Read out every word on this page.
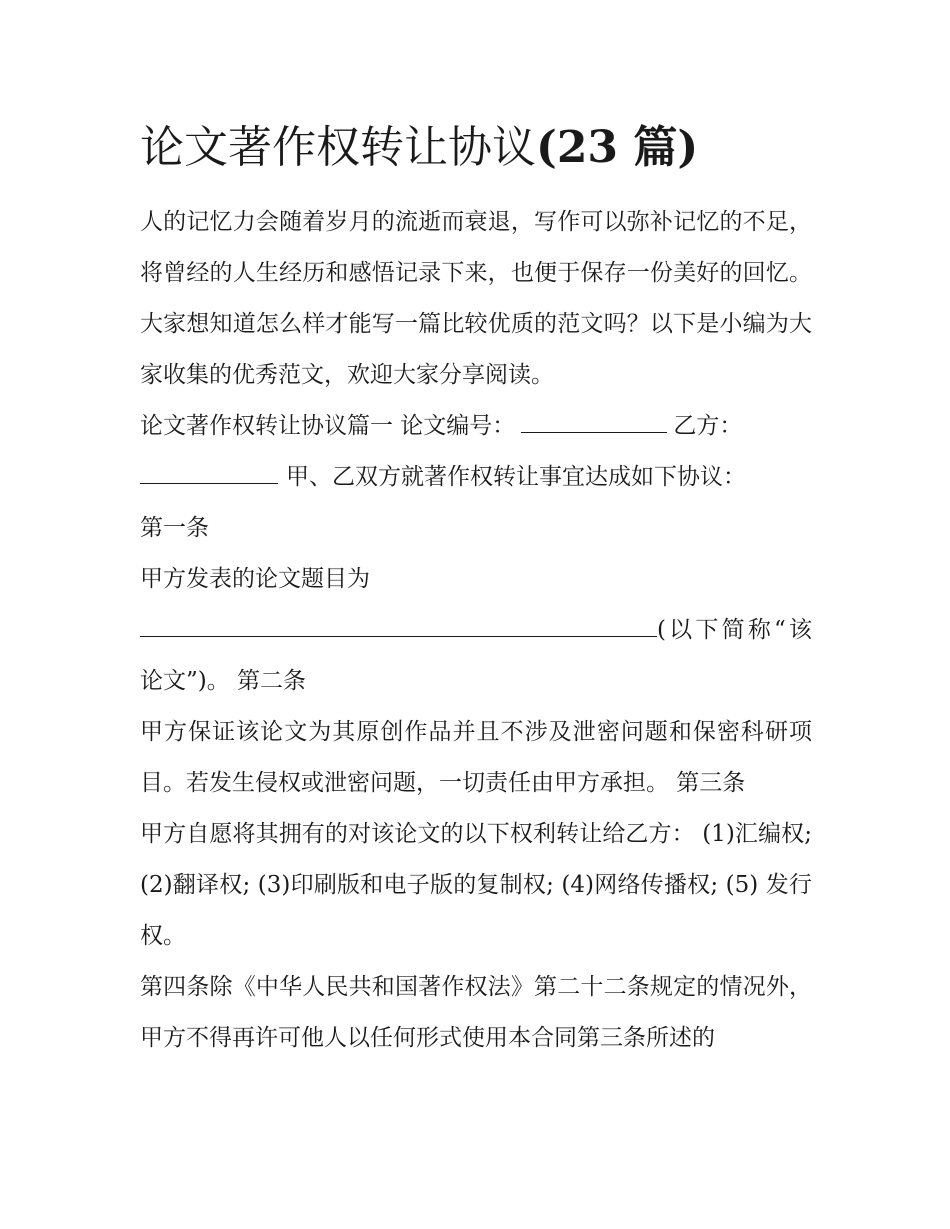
论文著作权转让协议(23 篇)

人的记忆力会随着岁月的流逝而衰退，写作可以弥补记忆的不足，将曾经的人生经历和感悟记录下来，也便于保存一份美好的回忆。大家想知道怎么样才能写一篇比较优质的范文吗？以下是小编为大家收集的优秀范文，欢迎大家分享阅读。

论文著作权转让协议篇一 论文编号：	乙方：
甲、乙双方就著作权转让事宜达成如下协议：

第一条

甲方发表的论文题目为

(以下简称“该论文”)。 第二条

甲方保证该论文为其原创作品并且不涉及泄密问题和保密科研项目。若发生侵权或泄密问题，一切责任由甲方承担。 第三条

甲方自愿将其拥有的对该论文的以下权利转让给乙方： (1)汇编权; (2)翻译权; (3)印刷版和电子版的复制权; (4)网络传播权; (5) 发行权。

第四条除《中华人民共和国著作权法》第二十二条规定的情况外，甲方不得再许可他人以任何形式使用本合同第三条所述的
